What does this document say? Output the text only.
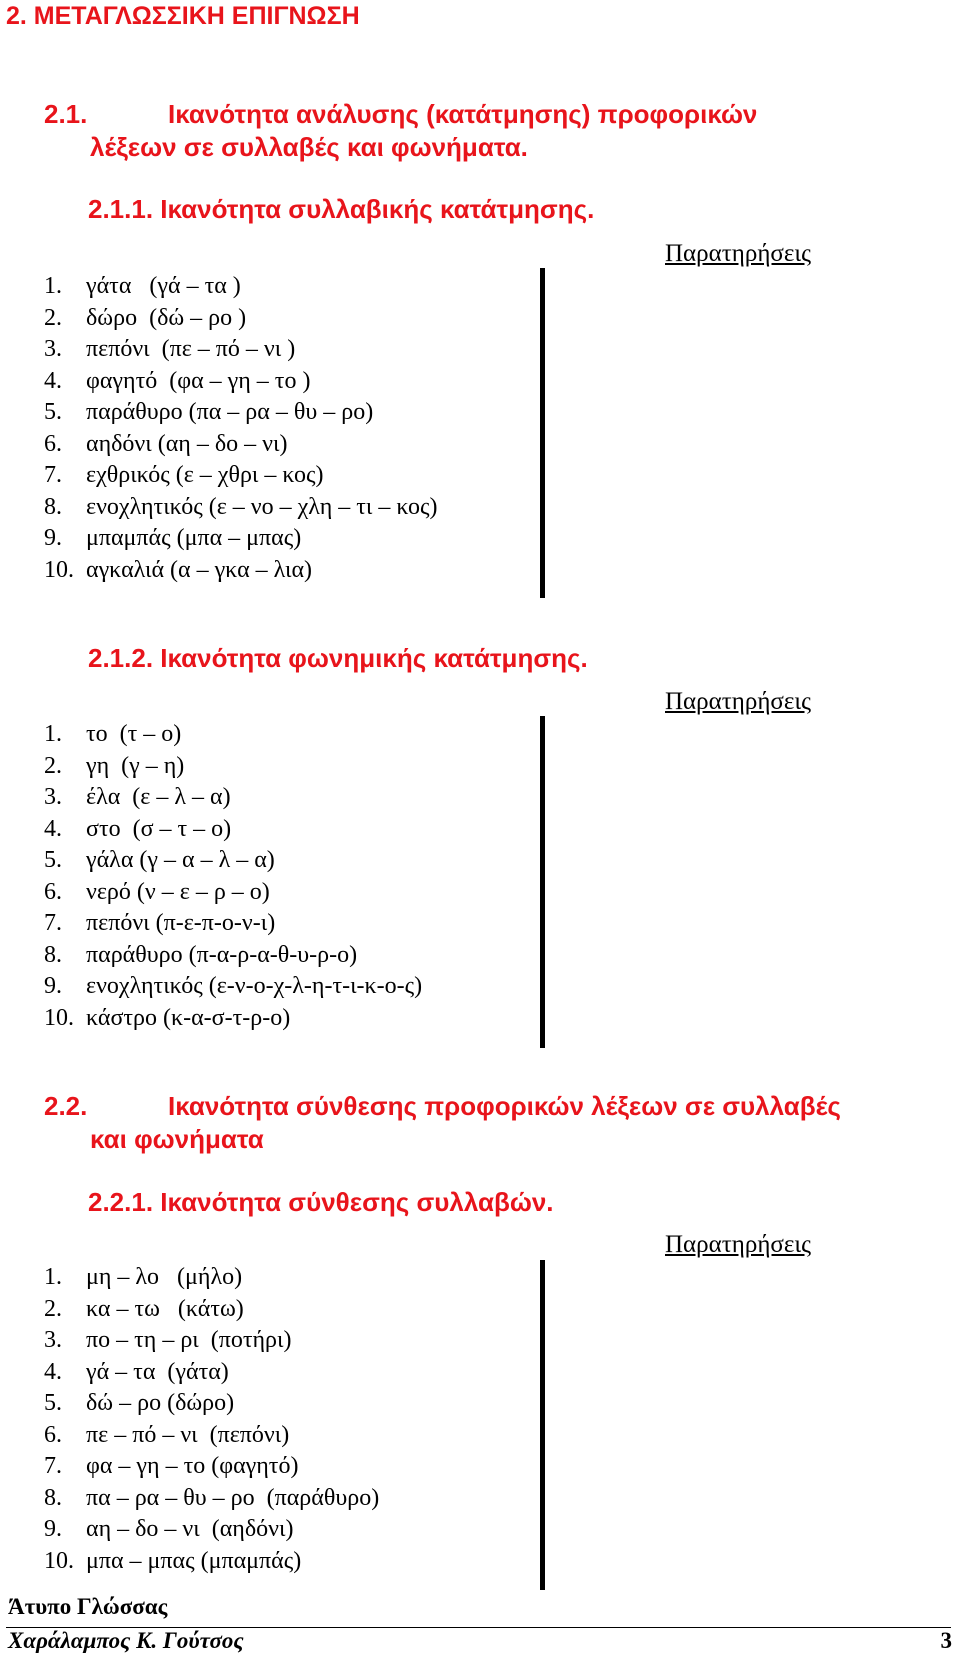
2. ΜΕΤΑΓΛΩΣΣΙΚΗ ΕΠΙΓΝΩΣΗ
2.1.	Ικανότητα ανάλυσης (κατάτμησης) προφορικών
λέξεων σε συλλαβές και φωνήματα.
2.1.1. Ικανότητα συλλαβικής κατάτμησης.
Παρατηρήσεις
1. γάτα   (γά – τα )
2. δώρο  (δώ – ρο )
3. πεπόνι  (πε – πό – νι )
4. φαγητό  (φα – γη – το )
5. παράθυρο (πα – ρα – θυ – ρο)
6. αηδόνι (αη – δο – νι)
7. εχθρικός (ε – χθρι – κος)
8. ενοχλητικός (ε – νο – χλη – τι – κος)
9. μπαμπάς (μπα – μπας)
10. αγκαλιά (α – γκα – λια)
2.1.2. Ικανότητα φωνημικής κατάτμησης.
Παρατηρήσεις
1. το  (τ – ο)
2. γη  (γ – η)
3. έλα  (ε – λ – α)
4. στο  (σ – τ – ο)
5. γάλα (γ – α – λ – α)
6. νερό (ν – ε – ρ – ο)
7. πεπόνι (π-ε-π-ο-ν-ι)
8. παράθυρο (π-α-ρ-α-θ-υ-ρ-ο)
9. ενοχλητικός (ε-ν-ο-χ-λ-η-τ-ι-κ-ο-ς)
10. κάστρο (κ-α-σ-τ-ρ-ο)
2.2.	Ικανότητα σύνθεσης προφορικών λέξεων σε συλλαβές
και φωνήματα
2.2.1. Ικανότητα σύνθεσης συλλαβών.
Παρατηρήσεις
1. μη – λο   (μήλο)
2. κα – τω   (κάτω)
3. πο – τη – ρι  (ποτήρι)
4. γά – τα  (γάτα)
5. δώ – ρο (δώρο)
6. πε – πό – νι  (πεπόνι)
7. φα – γη – το (φαγητό)
8. πα – ρα – θυ – ρο  (παράθυρο)
9. αη – δο – νι  (αηδόνι)
10. μπα – μπας (μπαμπάς)
Άτυπο Γλώσσας
Χαράλαμπος Κ. Γούτσος	3
